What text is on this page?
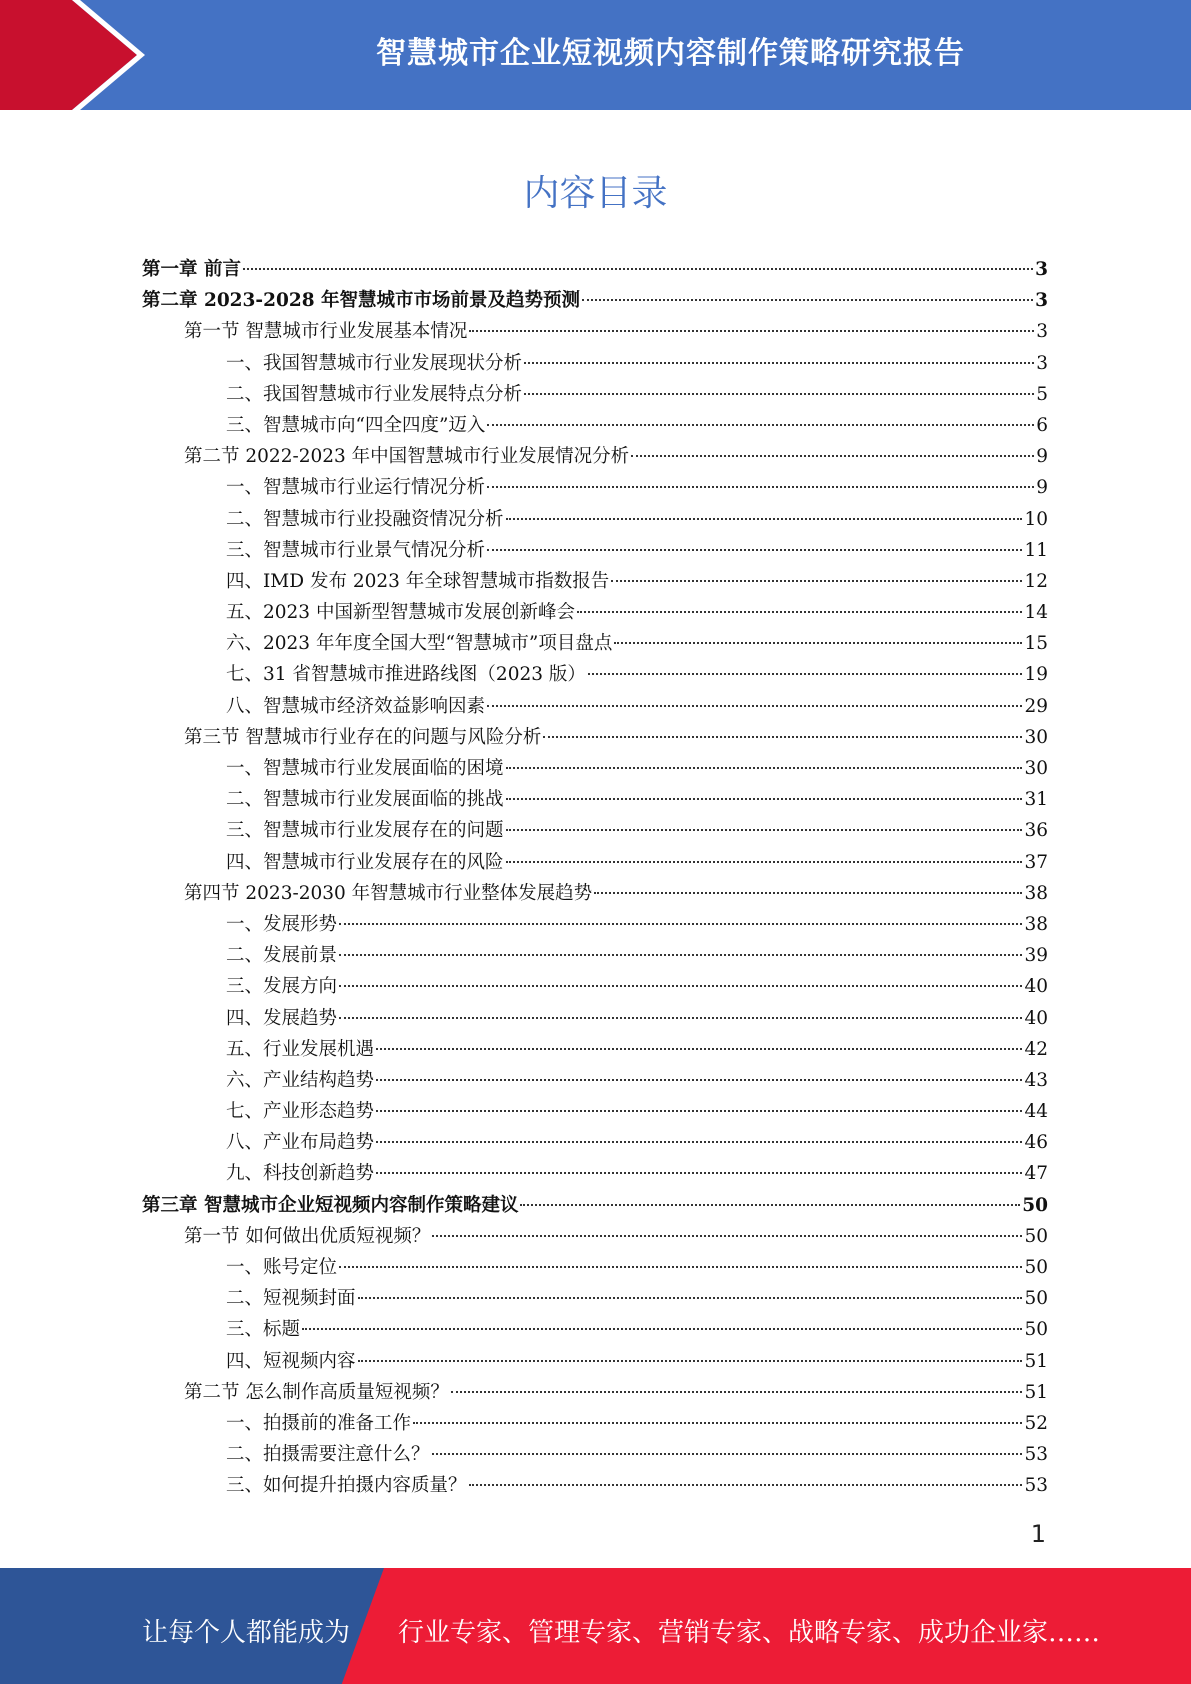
智慧城市企业短视频内容制作策略研究报告
内容目录
第一章 前言	3
第二章 2023-2028 年智慧城市市场前景及趋势预测	3
第一节 智慧城市行业发展基本情况	3
一、我国智慧城市行业发展现状分析	3
二、我国智慧城市行业发展特点分析	5
三、智慧城市向“四全四度”迈入	6
第二节 2022-2023 年中国智慧城市行业发展情况分析	9
一、智慧城市行业运行情况分析	9
二、智慧城市行业投融资情况分析	10
三、智慧城市行业景气情况分析	11
四、IMD 发布 2023 年全球智慧城市指数报告	12
五、2023 中国新型智慧城市发展创新峰会	14
六、2023 年年度全国大型“智慧城市”项目盘点	15
七、31 省智慧城市推进路线图（2023 版）	19
八、智慧城市经济效益影响因素	29
第三节 智慧城市行业存在的问题与风险分析	30
一、智慧城市行业发展面临的困境	30
二、智慧城市行业发展面临的挑战	31
三、智慧城市行业发展存在的问题	36
四、智慧城市行业发展存在的风险	37
第四节 2023-2030 年智慧城市行业整体发展趋势	38
一、发展形势	38
二、发展前景	39
三、发展方向	40
四、发展趋势	40
五、行业发展机遇	42
六、产业结构趋势	43
七、产业形态趋势	44
八、产业布局趋势	46
九、科技创新趋势	47
第三章 智慧城市企业短视频内容制作策略建议	50
第一节 如何做出优质短视频？	50
一、账号定位	50
二、短视频封面	50
三、标题	50
四、短视频内容	51
第二节 怎么制作高质量短视频？	51
一、拍摄前的准备工作	52
二、拍摄需要注意什么？	53
三、如何提升拍摄内容质量？	53
1
让每个人都能成为 行业专家、管理专家、营销专家、战略专家、成功企业家……
